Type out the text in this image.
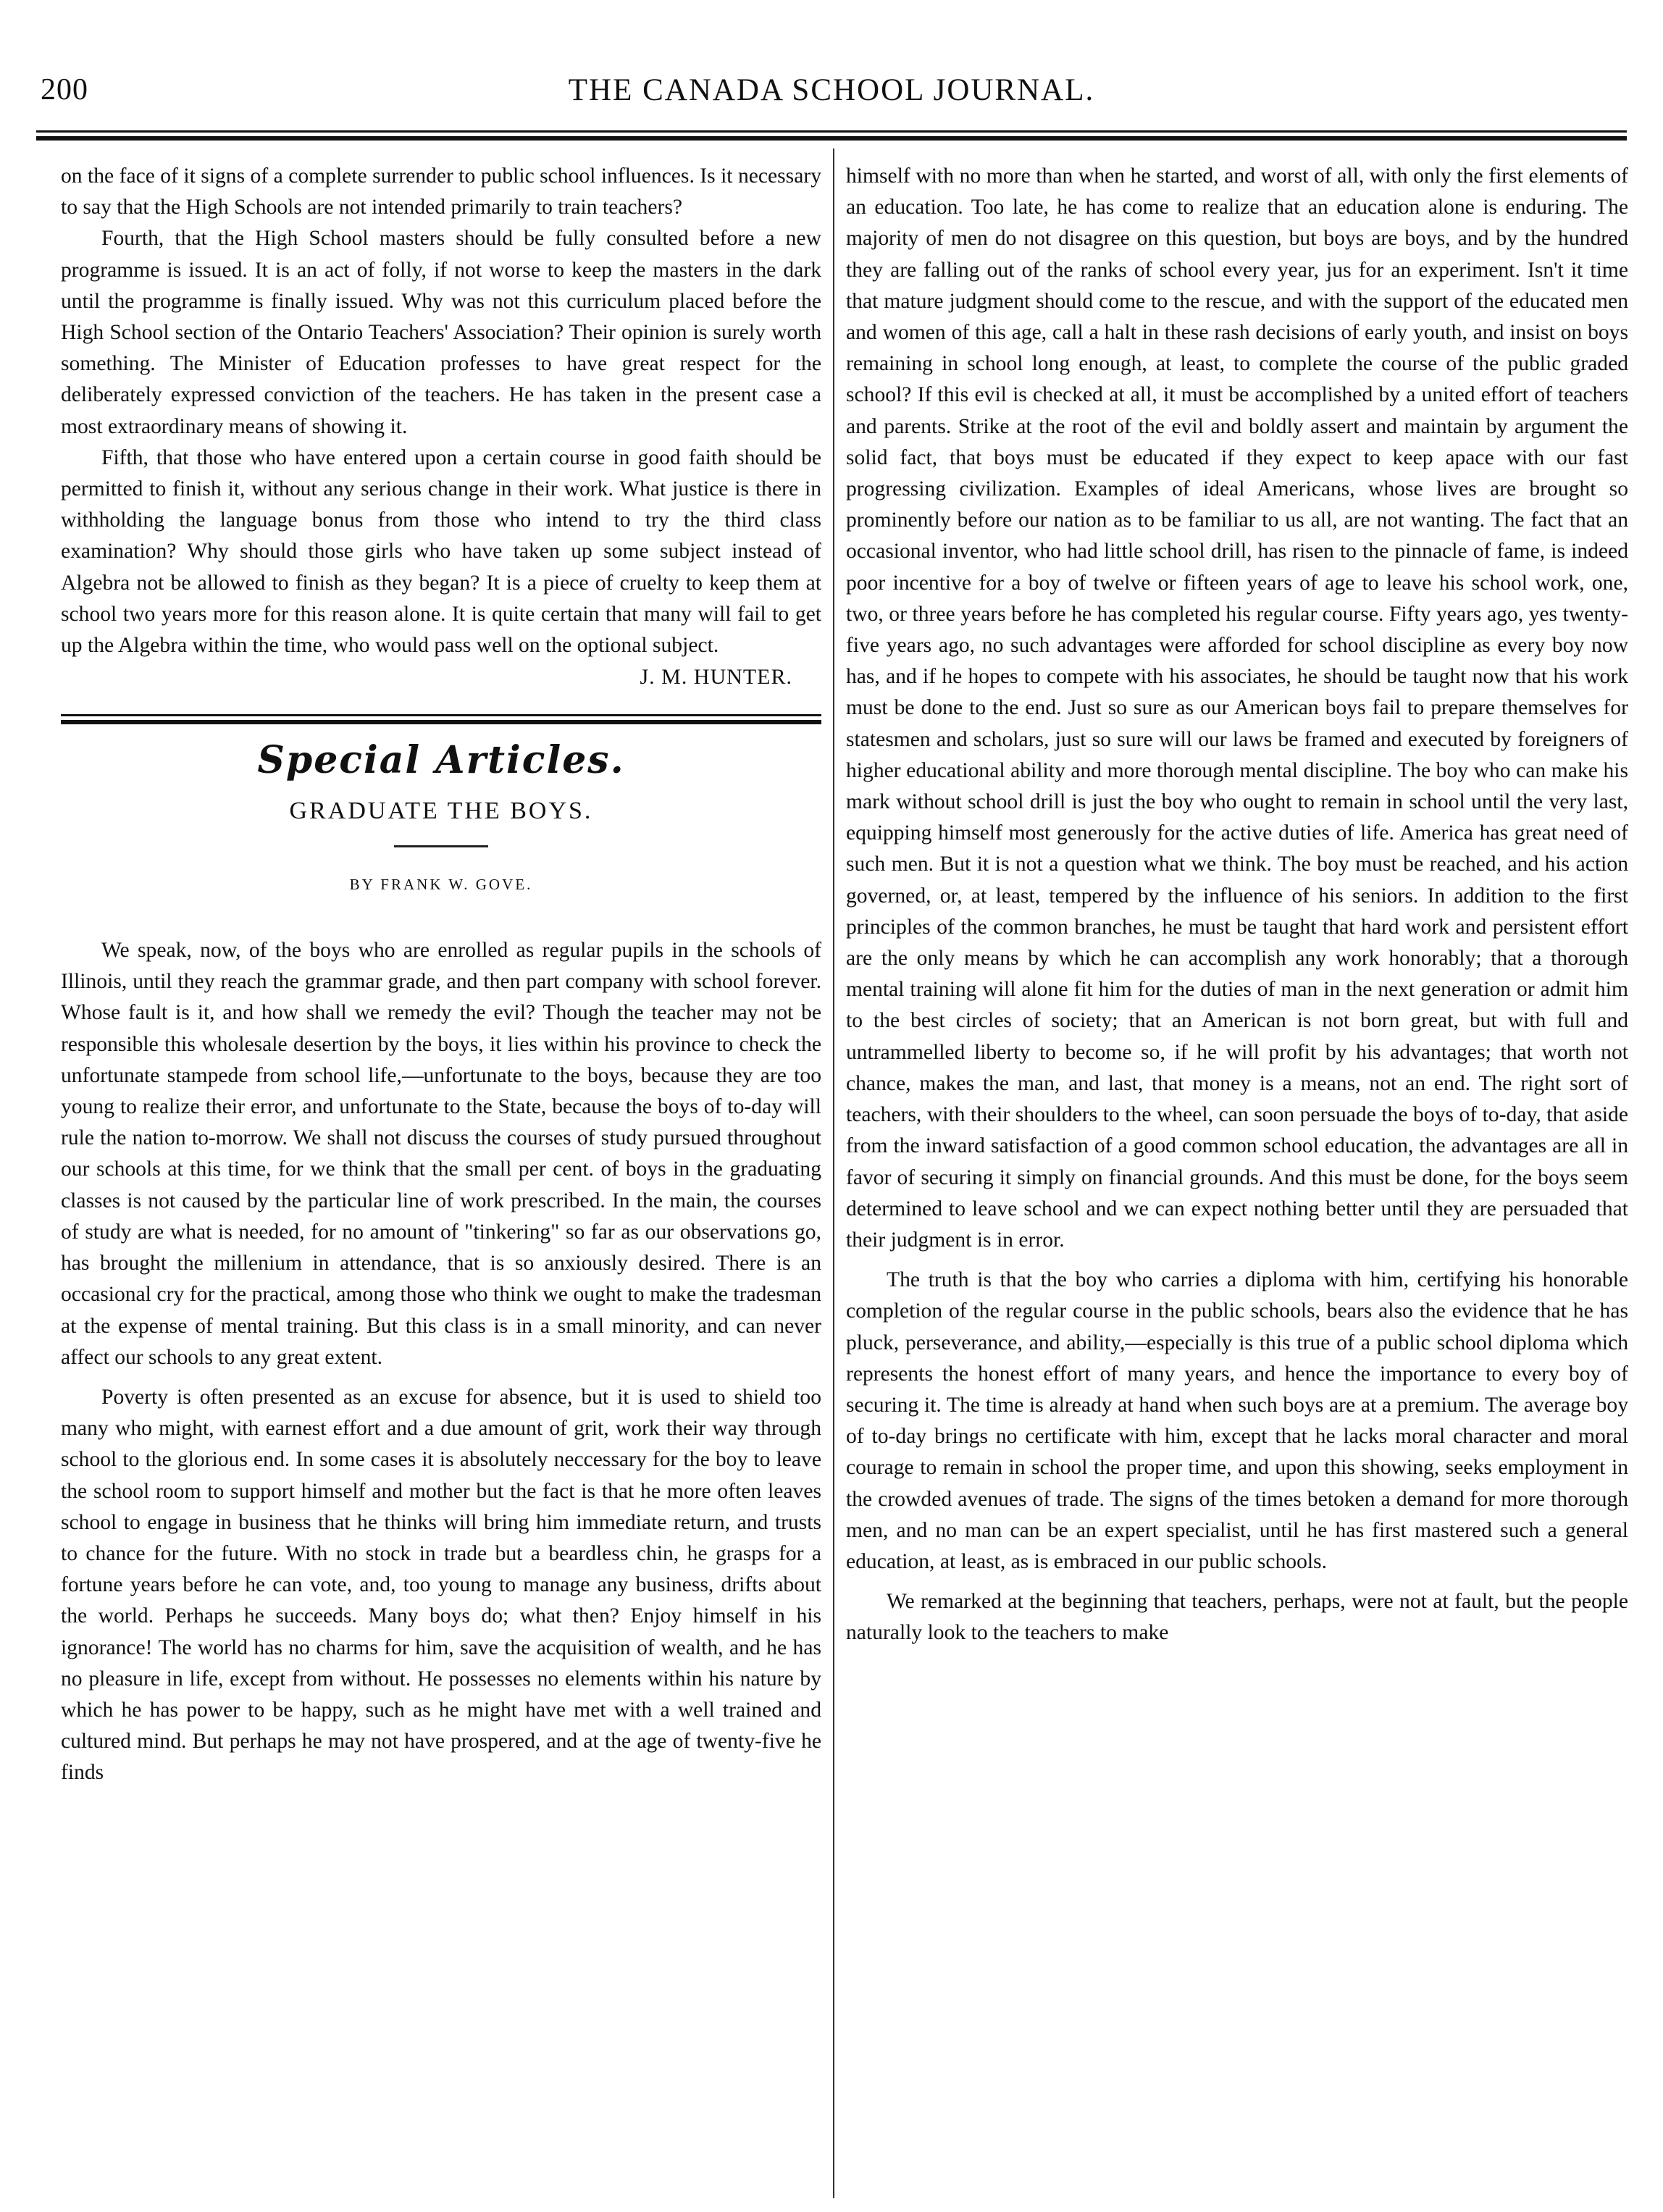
200	THE CANADA SCHOOL JOURNAL.

on the face of it signs of a complete surrender to public school influences. Is it necessary to say that the High Schools are not intended primarily to train teachers?

Fourth, that the High School masters should be fully consulted before a new programme is issued. It is an act of folly, if not worse to keep the masters in the dark until the programme is finally issued. Why was not this curriculum placed before the High School section of the Ontario Teachers' Association? Their opinion is surely worth something. The Minister of Education professes to have great respect for the deliberately expressed conviction of the teachers. He has taken in the present case a most extraordinary means of showing it.

Fifth, that those who have entered upon a certain course in good faith should be permitted to finish it, without any serious change in their work. What justice is there in withholding the language bonus from those who intend to try the third class examination? Why should those girls who have taken up some subject instead of Algebra not be allowed to finish as they began? It is a piece of cruelty to keep them at school two years more for this reason alone. It is quite certain that many will fail to get up the Algebra within the time, who would pass well on the optional subject.

J. M. HUNTER.

Special Articles.
GRADUATE THE BOYS.
BY FRANK W. GOVE.

We speak, now, of the boys who are enrolled as regular pupils in the schools of Illinois, until they reach the grammar grade, and then part company with school forever. Whose fault is it, and how shall we remedy the evil? Though the teacher may not be responsible this wholesale desertion by the boys, it lies within his province to check the unfortunate stampede from school life,—unfortunate to the boys, because they are too young to realize their error, and unfortunate to the State, because the boys of to-day will rule the nation to-morrow. We shall not discuss the courses of study pursued throughout our schools at this time, for we think that the small per cent. of boys in the graduating classes is not caused by the particular line of work prescribed. In the main, the courses of study are what is needed, for no amount of "tinkering" so far as our observations go, has brought the millenium in attendance, that is so anxiously desired. There is an occasional cry for the practical, among those who think we ought to make the tradesman at the expense of mental training. But this class is in a small minority, and can never affect our schools to any great extent.

Poverty is often presented as an excuse for absence, but it is used to shield too many who might, with earnest effort and a due amount of grit, work their way through school to the glorious end. In some cases it is absolutely neccessary for the boy to leave the school room to support himself and mother but the fact is that he more often leaves school to engage in business that he thinks will bring him immediate return, and trusts to chance for the future. With no stock in trade but a beardless chin, he grasps for a fortune years before he can vote, and, too young to manage any business, drifts about the world. Perhaps he succeeds. Many boys do; what then? Enjoy himself in his ignorance! The world has no charms for him, save the acquisition of wealth, and he has no pleasure in life, except from without. He possesses no elements within his nature by which he has power to be happy, such as he might have met with a well trained and cultured mind. But perhaps he may not have prospered, and at the age of twenty-five he finds

himself with no more than when he started, and worst of all, with only the first elements of an education. Too late, he has come to realize that an education alone is enduring. The majority of men do not disagree on this question, but boys are boys, and by the hundred they are falling out of the ranks of school every year, jus for an experiment. Isn't it time that mature judgment should come to the rescue, and with the support of the educated men and women of this age, call a halt in these rash decisions of early youth, and insist on boys remaining in school long enough, at least, to complete the course of the public graded school? If this evil is checked at all, it must be accomplished by a united effort of teachers and parents. Strike at the root of the evil and boldly assert and maintain by argument the solid fact, that boys must be educated if they expect to keep apace with our fast progressing civilization. Examples of ideal Americans, whose lives are brought so prominently before our nation as to be familiar to us all, are not wanting. The fact that an occasional inventor, who had little school drill, has risen to the pinnacle of fame, is indeed poor incentive for a boy of twelve or fifteen years of age to leave his school work, one, two, or three years before he has completed his regular course. Fifty years ago, yes twenty-five years ago, no such advantages were afforded for school discipline as every boy now has, and if he hopes to compete with his associates, he should be taught now that his work must be done to the end. Just so sure as our American boys fail to prepare themselves for statesmen and scholars, just so sure will our laws be framed and executed by foreigners of higher educational ability and more thorough mental discipline. The boy who can make his mark without school drill is just the boy who ought to remain in school until the very last, equipping himself most generously for the active duties of life. America has great need of such men. But it is not a question what we think. The boy must be reached, and his action governed, or, at least, tempered by the influence of his seniors. In addition to the first principles of the common branches, he must be taught that hard work and persistent effort are the only means by which he can accomplish any work honorably; that a thorough mental training will alone fit him for the duties of man in the next generation or admit him to the best circles of society; that an American is not born great, but with full and untrammelled liberty to become so, if he will profit by his advantages; that worth not chance, makes the man, and last, that money is a means, not an end. The right sort of teachers, with their shoulders to the wheel, can soon persuade the boys of to-day, that aside from the inward satisfaction of a good common school education, the advantages are all in favor of securing it simply on financial grounds. And this must be done, for the boys seem determined to leave school and we can expect nothing better until they are persuaded that their judgment is in error.

The truth is that the boy who carries a diploma with him, certifying his honorable completion of the regular course in the public schools, bears also the evidence that he has pluck, perseverance, and ability,—especially is this true of a public school diploma which represents the honest effort of many years, and hence the importance to every boy of securing it. The time is already at hand when such boys are at a premium. The average boy of to-day brings no certificate with him, except that he lacks moral character and moral courage to remain in school the proper time, and upon this showing, seeks employment in the crowded avenues of trade. The signs of the times betoken a demand for more thorough men, and no man can be an expert specialist, until he has first mastered such a general education, at least, as is embraced in our public schools.

We remarked at the beginning that teachers, perhaps, were not at fault, but the people naturally look to the teachers to make
